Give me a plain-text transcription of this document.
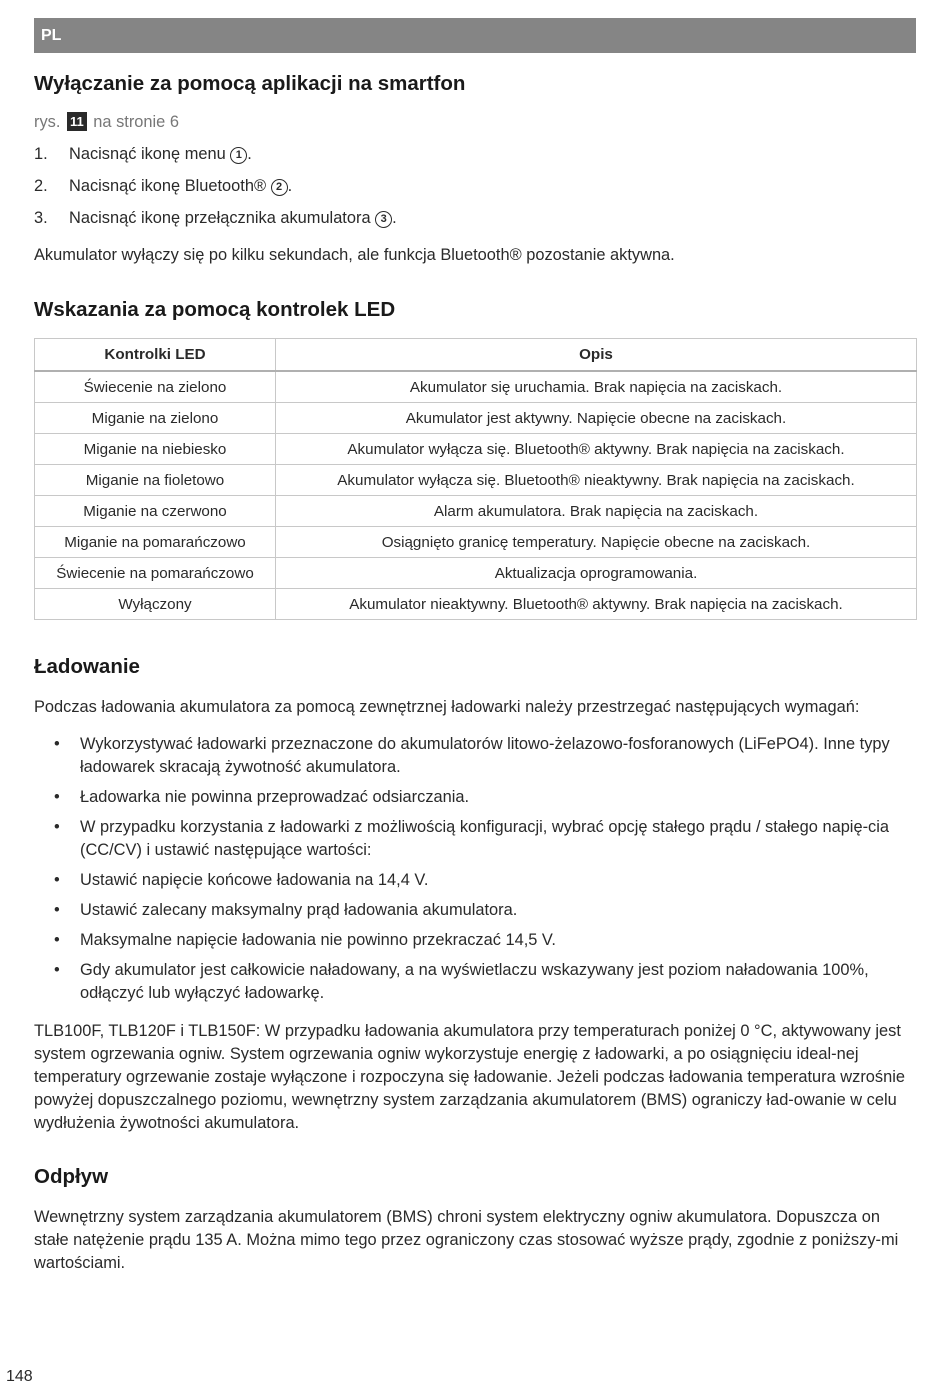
PL
Wyłączanie za pomocą aplikacji na smartfon
rys. 11 na stronie 6
1.	Nacisnąć ikonę menu 1 .
2.	Nacisnąć ikonę Bluetooth® 2 .
3.	Nacisnąć ikonę przełącznika akumulatora 3 .

Akumulator wyłączy się po kilku sekundach, ale funkcja Bluetooth® pozostanie aktywna.

Wskazania za pomocą kontrolek LED
Kontrolki LED	Opis
Świecenie na zielono	Akumulator się uruchamia. Brak napięcia na zaciskach.
Miganie na zielono	Akumulator jest aktywny. Napięcie obecne na zaciskach.
Miganie na niebiesko	Akumulator wyłącza się. Bluetooth® aktywny. Brak napięcia na zaciskach.
Miganie na fioletowo	Akumulator wyłącza się. Bluetooth® nieaktywny. Brak napięcia na zaciskach.
Miganie na czerwono	Alarm akumulatora. Brak napięcia na zaciskach.
Miganie na pomarańczowo	Osiągnięto granicę temperatury. Napięcie obecne na zaciskach.
Świecenie na pomarańczowo	Aktualizacja oprogramowania.
Wyłączony	Akumulator nieaktywny. Bluetooth® aktywny. Brak napięcia na zaciskach.
Ładowanie

Podczas ładowania akumulatora za pomocą zewnętrznej ładowarki należy przestrzegać następujących wymagań:

• Wykorzystywać ładowarki przeznaczone do akumulatorów litowo-żelazowo-fosforanowych (LiFePO4). Inne typy ładowarek skracają żywotność akumulatora.
• Ładowarka nie powinna przeprowadzać odsiarczania.
• W przypadku korzystania z ładowarki z możliwością konfiguracji, wybrać opcję stałego prądu / stałego napię-cia (CC/CV) i ustawić następujące wartości:
• Ustawić napięcie końcowe ładowania na 14,4 V.
• Ustawić zalecany maksymalny prąd ładowania akumulatora.
• Maksymalne napięcie ładowania nie powinno przekraczać 14,5 V.
• Gdy akumulator jest całkowicie naładowany, a na wyświetlaczu wskazywany jest poziom naładowania 100%, odłączyć lub wyłączyć ładowarkę.

TLB100F, TLB120F i TLB150F: W przypadku ładowania akumulatora przy temperaturach poniżej 0 °C, aktywowany jest system ogrzewania ogniw. System ogrzewania ogniw wykorzystuje energię z ładowarki, a po osiągnięciu ideal-nej temperatury ogrzewanie zostaje wyłączone i rozpoczyna się ładowanie. Jeżeli podczas ładowania temperatura wzrośnie powyżej dopuszczalnego poziomu, wewnętrzny system zarządzania akumulatorem (BMS) ograniczy ład-owanie w celu wydłużenia żywotności akumulatora.

Odpływ

Wewnętrzny system zarządzania akumulatorem (BMS) chroni system elektryczny ogniw akumulatora. Dopuszcza on stałe natężenie prądu 135 A. Można mimo tego przez ograniczony czas stosować wyższe prądy, zgodnie z poniższy-mi wartościami.

148
